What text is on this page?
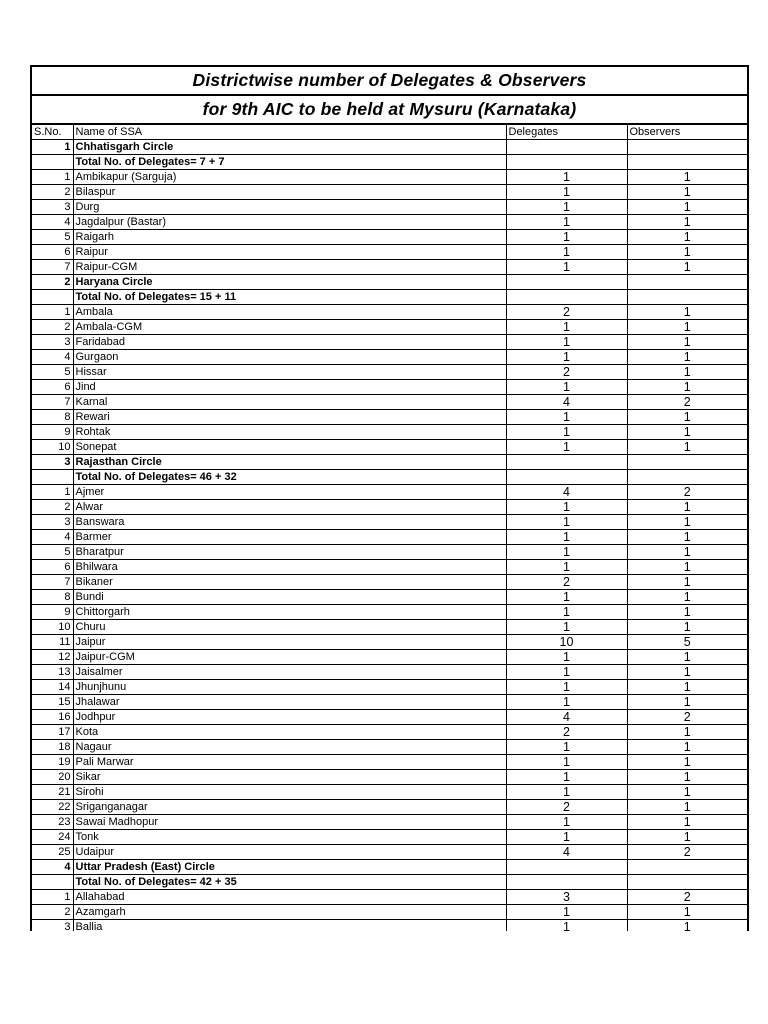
Districtwise number of Delegates & Observers
for 9th AIC to be held at Mysuru (Karnataka)
S.No.	Name of SSA	Delegates	Observers
1	Chhatisgarh Circle		
	Total No. of Delegates= 7 + 7		
1	Ambikapur (Sarguja)	1	1
2	Bilaspur	1	1
3	Durg	1	1
4	Jagdalpur (Bastar)	1	1
5	Raigarh	1	1
6	Raipur	1	1
7	Raipur-CGM	1	1
2	Haryana Circle		
	Total No. of Delegates= 15 + 11		
1	Ambala	2	1
2	Ambala-CGM	1	1
3	Faridabad	1	1
4	Gurgaon	1	1
5	Hissar	2	1
6	Jind	1	1
7	Karnal	4	2
8	Rewari	1	1
9	Rohtak	1	1
10	Sonepat	1	1
3	Rajasthan Circle		
	Total No. of Delegates= 46 + 32		
1	Ajmer	4	2
2	Alwar	1	1
3	Banswara	1	1
4	Barmer	1	1
5	Bharatpur	1	1
6	Bhilwara	1	1
7	Bikaner	2	1
8	Bundi	1	1
9	Chittorgarh	1	1
10	Churu	1	1
11	Jaipur	10	5
12	Jaipur-CGM	1	1
13	Jaisalmer	1	1
14	Jhunjhunu	1	1
15	Jhalawar	1	1
16	Jodhpur	4	2
17	Kota	2	1
18	Nagaur	1	1
19	Pali Marwar	1	1
20	Sikar	1	1
21	Sirohi	1	1
22	Sriganganagar	2	1
23	Sawai Madhopur	1	1
24	Tonk	1	1
25	Udaipur	4	2
4	Uttar Pradesh (East) Circle		
	Total No. of Delegates= 42 + 35		
1	Allahabad	3	2
2	Azamgarh	1	1
3	Ballia	1	1
